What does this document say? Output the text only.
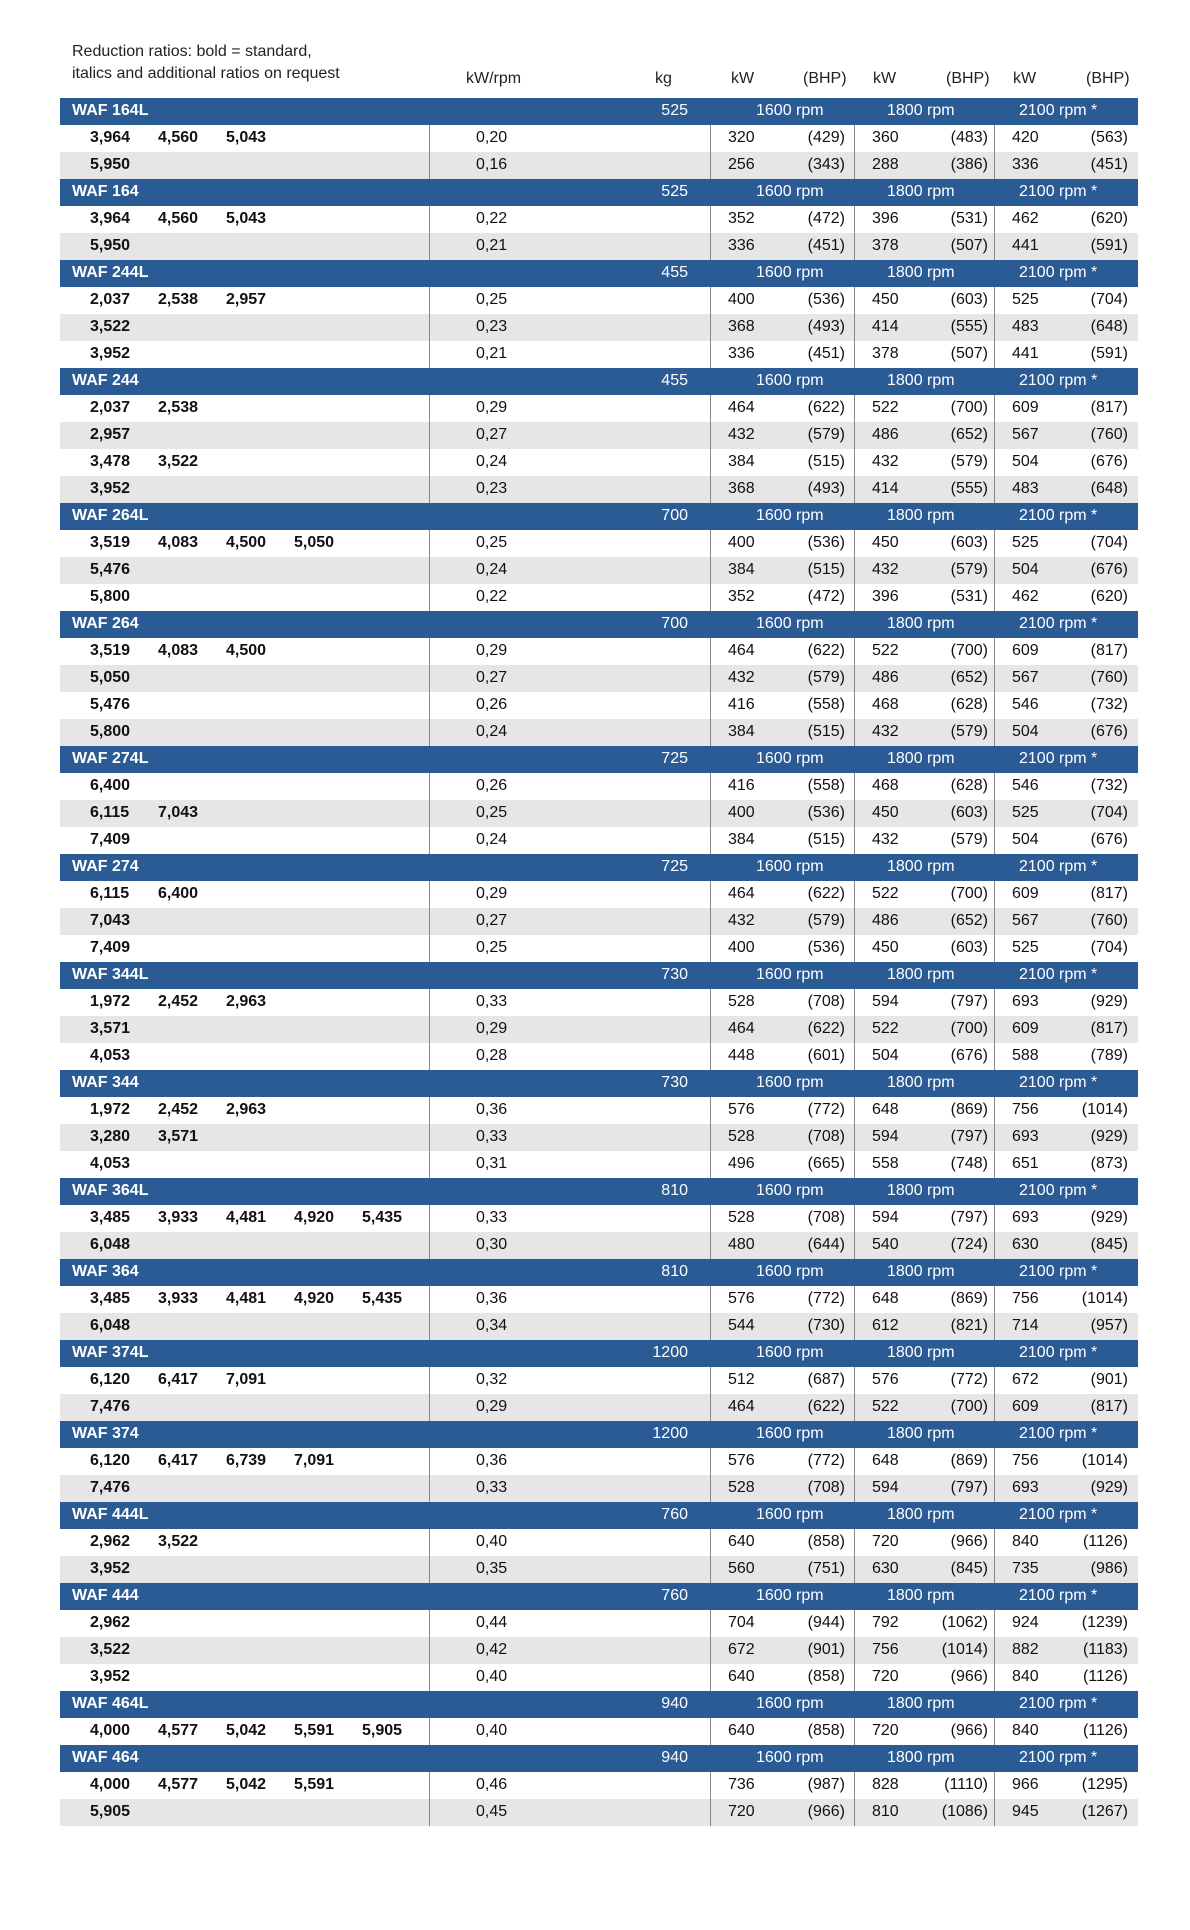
Reduction ratios: bold = standard,
italics and additional ratios on request	kW/rpm	kg	kW	(BHP) kW	(BHP) kW	(BHP)
WAF 164L	525	1600 rpm	1800 rpm	2100 rpm *
3,964 4,560 5,043	0,20	320	(429) 360	(483) 420	(563)
5,950	0,16	256	(343) 288	(386) 336	(451)
WAF 164	525	1600 rpm	1800 rpm	2100 rpm *
3,964 4,560 5,043	0,22	352	(472) 396	(531) 462	(620)
5,950	0,21	336	(451) 378	(507) 441	(591)
WAF 244L	455	1600 rpm	1800 rpm	2100 rpm *
2,037 2,538 2,957	0,25	400	(536) 450	(603) 525	(704)
3,522	0,23	368	(493) 414	(555) 483	(648)
3,952	0,21	336	(451) 378	(507) 441	(591)
WAF 244	455	1600 rpm	1800 rpm	2100 rpm *
2,037 2,538	0,29	464	(622) 522	(700) 609	(817)
2,957	0,27	432	(579) 486	(652) 567	(760)
3,478 3,522	0,24	384	(515) 432	(579) 504	(676)
3,952	0,23	368	(493) 414	(555) 483	(648)
WAF 264L	700	1600 rpm	1800 rpm	2100 rpm *
3,519 4,083 4,500 5,050	0,25	400	(536) 450	(603) 525	(704)
5,476	0,24	384	(515) 432	(579) 504	(676)
5,800	0,22	352	(472) 396	(531) 462	(620)
WAF 264	700	1600 rpm	1800 rpm	2100 rpm *
3,519 4,083 4,500	0,29	464	(622) 522	(700) 609	(817)
5,050	0,27	432	(579) 486	(652) 567	(760)
5,476	0,26	416	(558) 468	(628) 546	(732)
5,800	0,24	384	(515) 432	(579) 504	(676)
WAF 274L	725	1600 rpm	1800 rpm	2100 rpm *
6,400	0,26	416	(558) 468	(628) 546	(732)
6,115 7,043	0,25	400	(536) 450	(603) 525	(704)
7,409	0,24	384	(515) 432	(579) 504	(676)
WAF 274	725	1600 rpm	1800 rpm	2100 rpm *
6,115 6,400	0,29	464	(622) 522	(700) 609	(817)
7,043	0,27	432	(579) 486	(652) 567	(760)
7,409	0,25	400	(536) 450	(603) 525	(704)
WAF 344L	730	1600 rpm	1800 rpm	2100 rpm *
1,972 2,452 2,963	0,33	528	(708) 594	(797) 693	(929)
3,571	0,29	464	(622) 522	(700) 609	(817)
4,053	0,28	448	(601) 504	(676) 588	(789)
WAF 344	730	1600 rpm	1800 rpm	2100 rpm *
1,972 2,452 2,963	0,36	576	(772) 648	(869) 756	(1014)
3,280 3,571	0,33	528	(708) 594	(797) 693	(929)
4,053	0,31	496	(665) 558	(748) 651	(873)
WAF 364L	810	1600 rpm	1800 rpm	2100 rpm *
3,485 3,933 4,481 4,920 5,435	0,33	528	(708) 594	(797) 693	(929)
6,048	0,30	480	(644) 540	(724) 630	(845)
WAF 364	810	1600 rpm	1800 rpm	2100 rpm *
3,485 3,933 4,481 4,920 5,435	0,36	576	(772) 648	(869) 756	(1014)
6,048	0,34	544	(730) 612	(821) 714	(957)
WAF 374L	1200	1600 rpm	1800 rpm	2100 rpm *
6,120 6,417 7,091	0,32	512	(687) 576	(772) 672	(901)
7,476	0,29	464	(622) 522	(700) 609	(817)
WAF 374	1200	1600 rpm	1800 rpm	2100 rpm *
6,120 6,417 6,739 7,091	0,36	576	(772) 648	(869) 756	(1014)
7,476	0,33	528	(708) 594	(797) 693	(929)
WAF 444L	760	1600 rpm	1800 rpm	2100 rpm *
2,962 3,522	0,40	640	(858) 720	(966) 840	(1126)
3,952	0,35	560	(751) 630	(845) 735	(986)
WAF 444	760	1600 rpm	1800 rpm	2100 rpm *
2,962	0,44	704	(944) 792	(1062) 924	(1239)
3,522	0,42	672	(901) 756	(1014) 882	(1183)
3,952	0,40	640	(858) 720	(966) 840	(1126)
WAF 464L	940	1600 rpm	1800 rpm	2100 rpm *
4,000 4,577 5,042 5,591 5,905	0,40	640	(858) 720	(966) 840	(1126)
WAF 464	940	1600 rpm	1800 rpm	2100 rpm *
4,000 4,577 5,042 5,591	0,46	736	(987) 828	(1110) 966	(1295)
5,905	0,45	720	(966) 810	(1086) 945	(1267)
